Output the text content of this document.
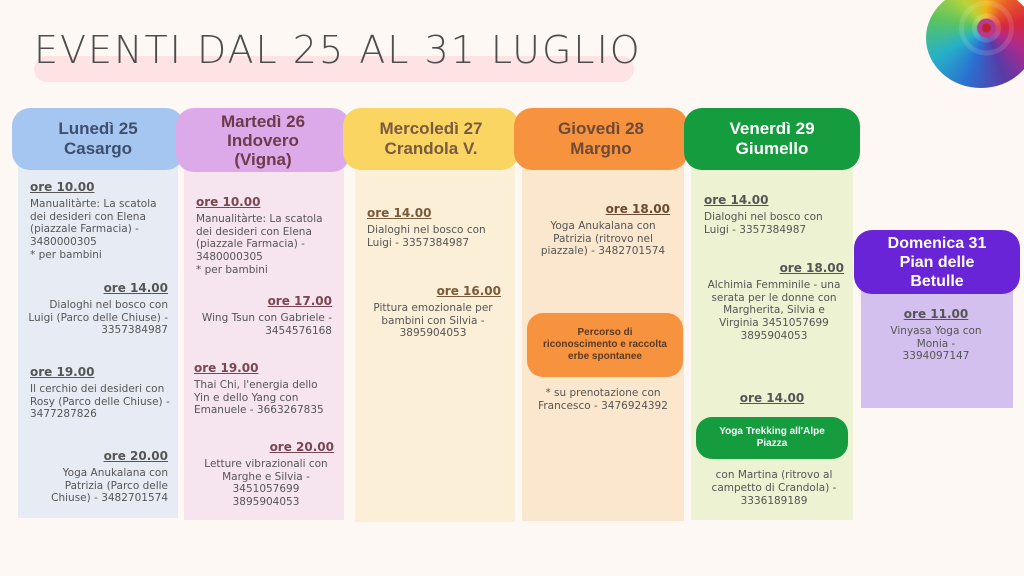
EVENTI DAL 25 AL 31 LUGLIO
Lunedì 25
Casargo
ore 10.00
Manualitàrte: La scatola dei desideri con Elena (piazzale Farmacia) - 3480000305
* per bambini
ore 14.00
Dialoghi nel bosco con Luigi (Parco delle Chiuse) - 3357384987
ore 19.00
Il cerchio dei desideri con Rosy (Parco delle Chiuse) - 3477287826
ore 20.00
Yoga Anukalana con Patrizia (Parco delle Chiuse) - 3482701574
Martedì 26
Indovero
(Vigna)
ore 10.00
Manualitàrte: La scatola dei desideri con Elena (piazzale Farmacia) - 3480000305
* per bambini
ore 17.00
Wing Tsun con Gabriele - 3454576168
ore 19.00
Thai Chi, l'energia dello Yin e dello Yang con Emanuele - 3663267835
ore 20.00
Letture vibrazionali con Marghe e Silvia - 3451057699
3895904053
Mercoledì 27
Crandola V.
ore 14.00
Dialoghi nel bosco con Luigi - 3357384987
ore 16.00
Pittura emozionale per bambini con Silvia - 3895904053
Giovedì 28
Margno
ore 18.00
Yoga Anukalana con Patrizia (ritrovo nel piazzale) - 3482701574
Percorso di riconoscimento e raccolta erbe spontanee
* su prenotazione con Francesco - 3476924392
Venerdì 29
Giumello
ore 14.00
Dialoghi nel bosco con Luigi - 3357384987
ore 18.00
Alchimia Femminile - una serata per le donne con Margherita, Silvia e Virginia 3451057699
3895904053
ore 14.00
Yoga Trekking all'Alpe Piazza
con Martina (ritrovo al campetto di Crandola) - 3336189189
Domenica 31
Pian delle
Betulle
ore 11.00
Vinyasa Yoga con Monia - 3394097147
